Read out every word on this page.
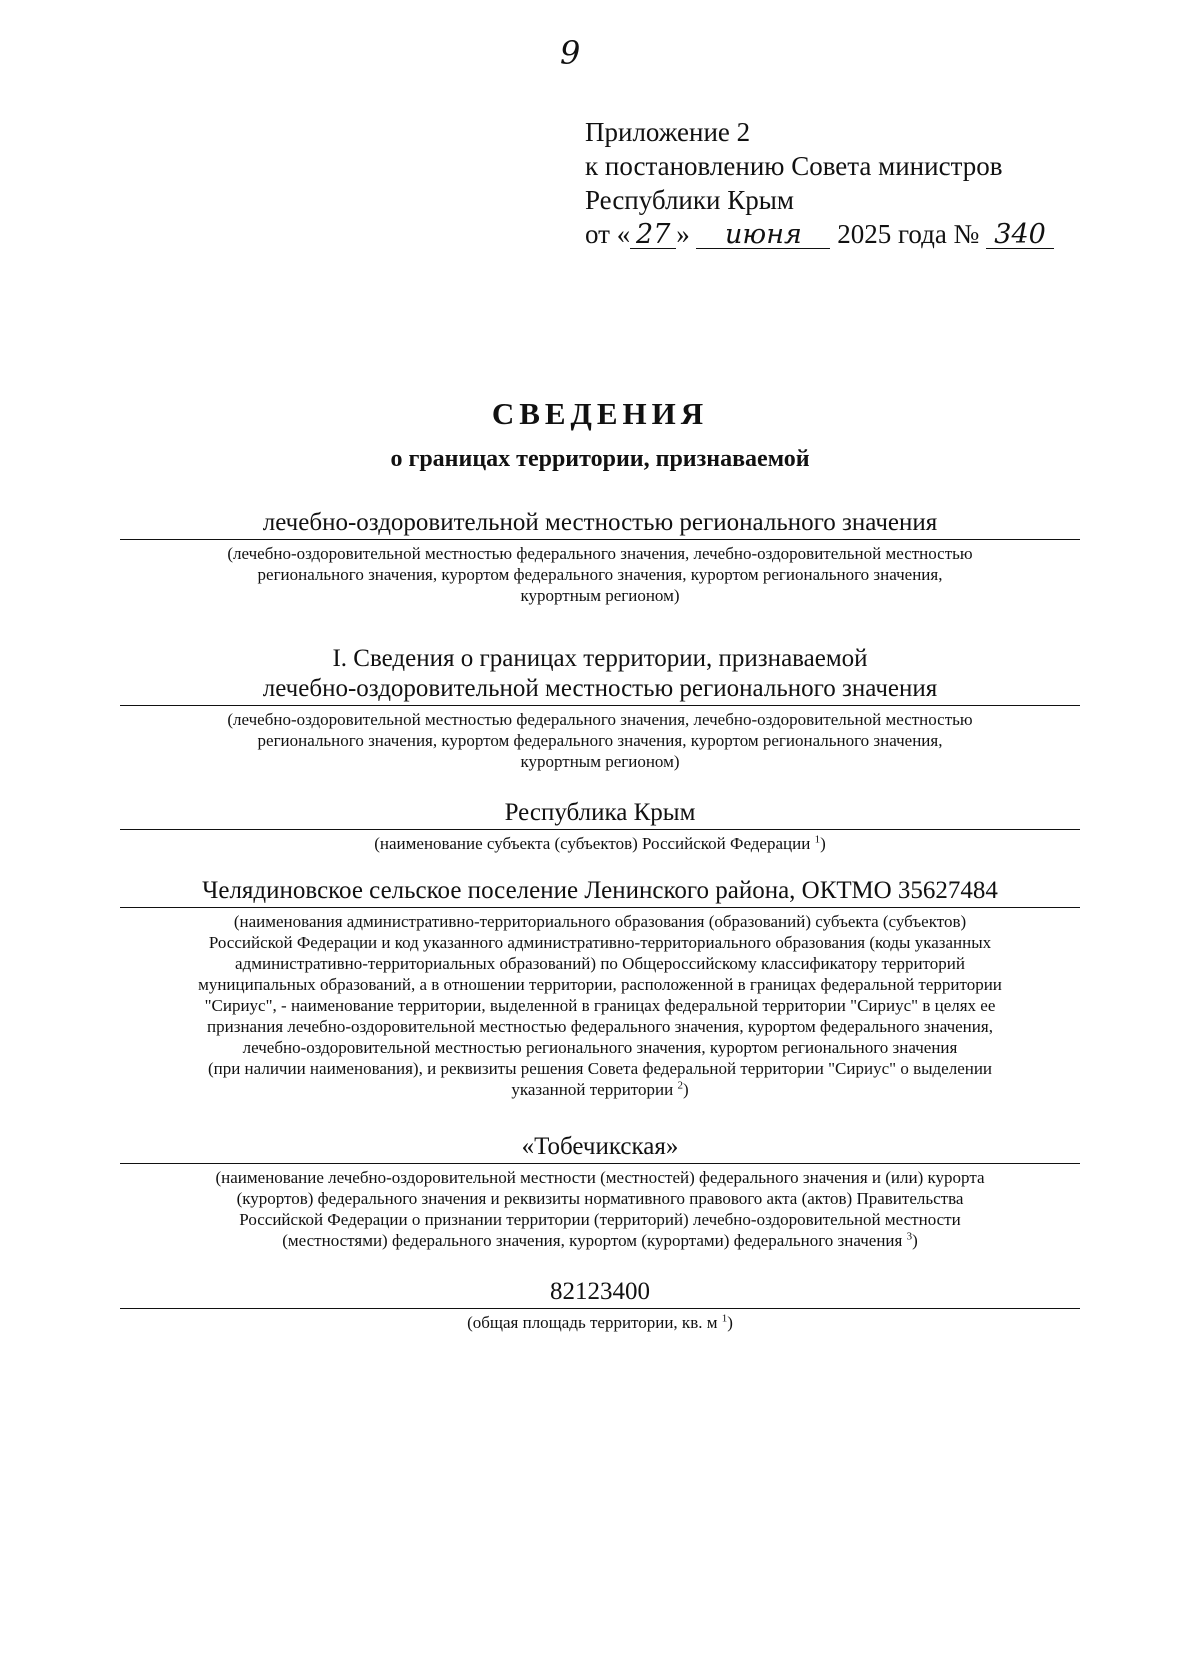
9
Приложение 2
к постановлению Совета министров
Республики Крым
от « 27 » июня 2025 года № 340
СВЕДЕНИЯ
о границах территории, признаваемой
лечебно-оздоровительной местностью регионального значения
(лечебно-оздоровительной местностью федерального значения, лечебно-оздоровительной местностью
регионального значения, курортом федерального значения, курортом регионального значения,
курортным регионом)
I. Сведения о границах территории, признаваемой
лечебно-оздоровительной местностью регионального значения
(лечебно-оздоровительной местностью федерального значения, лечебно-оздоровительной местностью
регионального значения, курортом федерального значения, курортом регионального значения,
курортным регионом)
Республика Крым
(наименование субъекта (субъектов) Российской Федерации $^1$)
Челядиновское сельское поселение Ленинского района, ОКТМО 35627484
(наименования административно-территориального образования (образований) субъекта (субъектов)
Российской Федерации и код указанного административно-территориального образования (коды указанных
административно-территориальных образований) по Общероссийскому классификатору территорий
муниципальных образований, а в отношении территории, расположенной в границах федеральной территории
"Сириус", - наименование территории, выделенной в границах федеральной территории "Сириус" в целях ее
признания лечебно-оздоровительной местностью федерального значения, курортом федерального значения,
лечебно-оздоровительной местностью регионального значения, курортом регионального значения
(при наличии наименования), и реквизиты решения Совета федеральной территории "Сириус" о выделении
указанной территории $^2$)
«Тобечикская»
(наименование лечебно-оздоровительной местности (местностей) федерального значения и (или) курорта
(курортов) федерального значения и реквизиты нормативного правового акта (актов) Правительства
Российской Федерации о признании территории (территорий) лечебно-оздоровительной местности
(местностями) федерального значения, курортом (курортами) федерального значения $^3$)
82123400
(общая площадь территории, кв. м $^1$)
